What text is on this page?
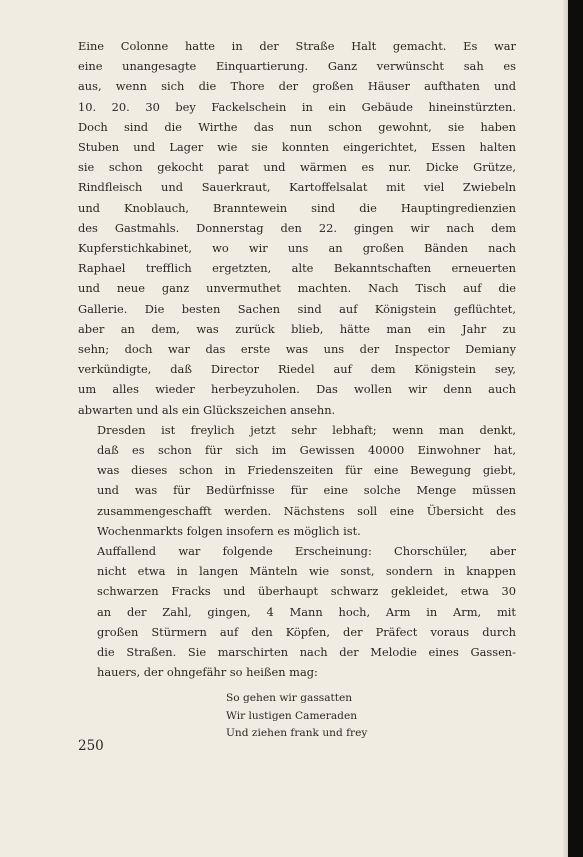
Eine Colonne hatte in der Straße Halt gemacht. Es war
eine unangesagte Einquartierung. Ganz verwünscht sah es
aus, wenn sich die Thore der großen Häuser aufthaten und
10. 20. 30 bey Fackelschein in ein Gebäude hineinstürzten.
Doch sind die Wirthe das nun schon gewohnt, sie haben
Stuben und Lager wie sie konnten eingerichtet, Essen halten
sie schon gekocht parat und wärmen es nur. Dicke Grütze,
Rindfleisch und Sauerkraut, Kartoffelsalat mit viel Zwiebeln
und Knoblauch, Branntewein sind die Hauptingredienzien
des Gastmahls. Donnerstag den 22. gingen wir nach dem
Kupferstichkabinet, wo wir uns an großen Bänden nach
Raphael trefflich ergetzten, alte Bekanntschaften erneuerten
und neue ganz unvermuthet machten. Nach Tisch auf die
Gallerie. Die besten Sachen sind auf Königstein geflüchtet,
aber an dem, was zurück blieb, hätte man ein Jahr zu
sehn; doch war das erste was uns der Inspector Demiany
verkündigte, daß Director Riedel auf dem Königstein sey,
um alles wieder herbeyzuholen. Das wollen wir denn auch
abwarten und als ein Glückszeichen ansehn.

Dresden ist freylich jetzt sehr lebhaft; wenn man denkt,
daß es schon für sich im Gewissen 40000 Einwohner hat,
was dieses schon in Friedenszeiten für eine Bewegung giebt,
und was für Bedürfnisse für eine solche Menge müssen
zusammengeschafft werden. Nächstens soll eine Übersicht des
Wochenmarkts folgen insofern es möglich ist.

Auffallend war folgende Erscheinung: Chorschüler, aber
nicht etwa in langen Mänteln wie sonst, sondern in knappen
schwarzen Fracks und überhaupt schwarz gekleidet, etwa 30
an der Zahl, gingen, 4 Mann hoch, Arm in Arm, mit
großen Stürmern auf den Köpfen, der Präfect voraus durch
die Straßen. Sie marschirten nach der Melodie eines Gassen-
hauers, der ohngefähr so heißen mag:

So gehen wir gassatten
Wir lustigen Cameraden
Und ziehen frank und frey
250
